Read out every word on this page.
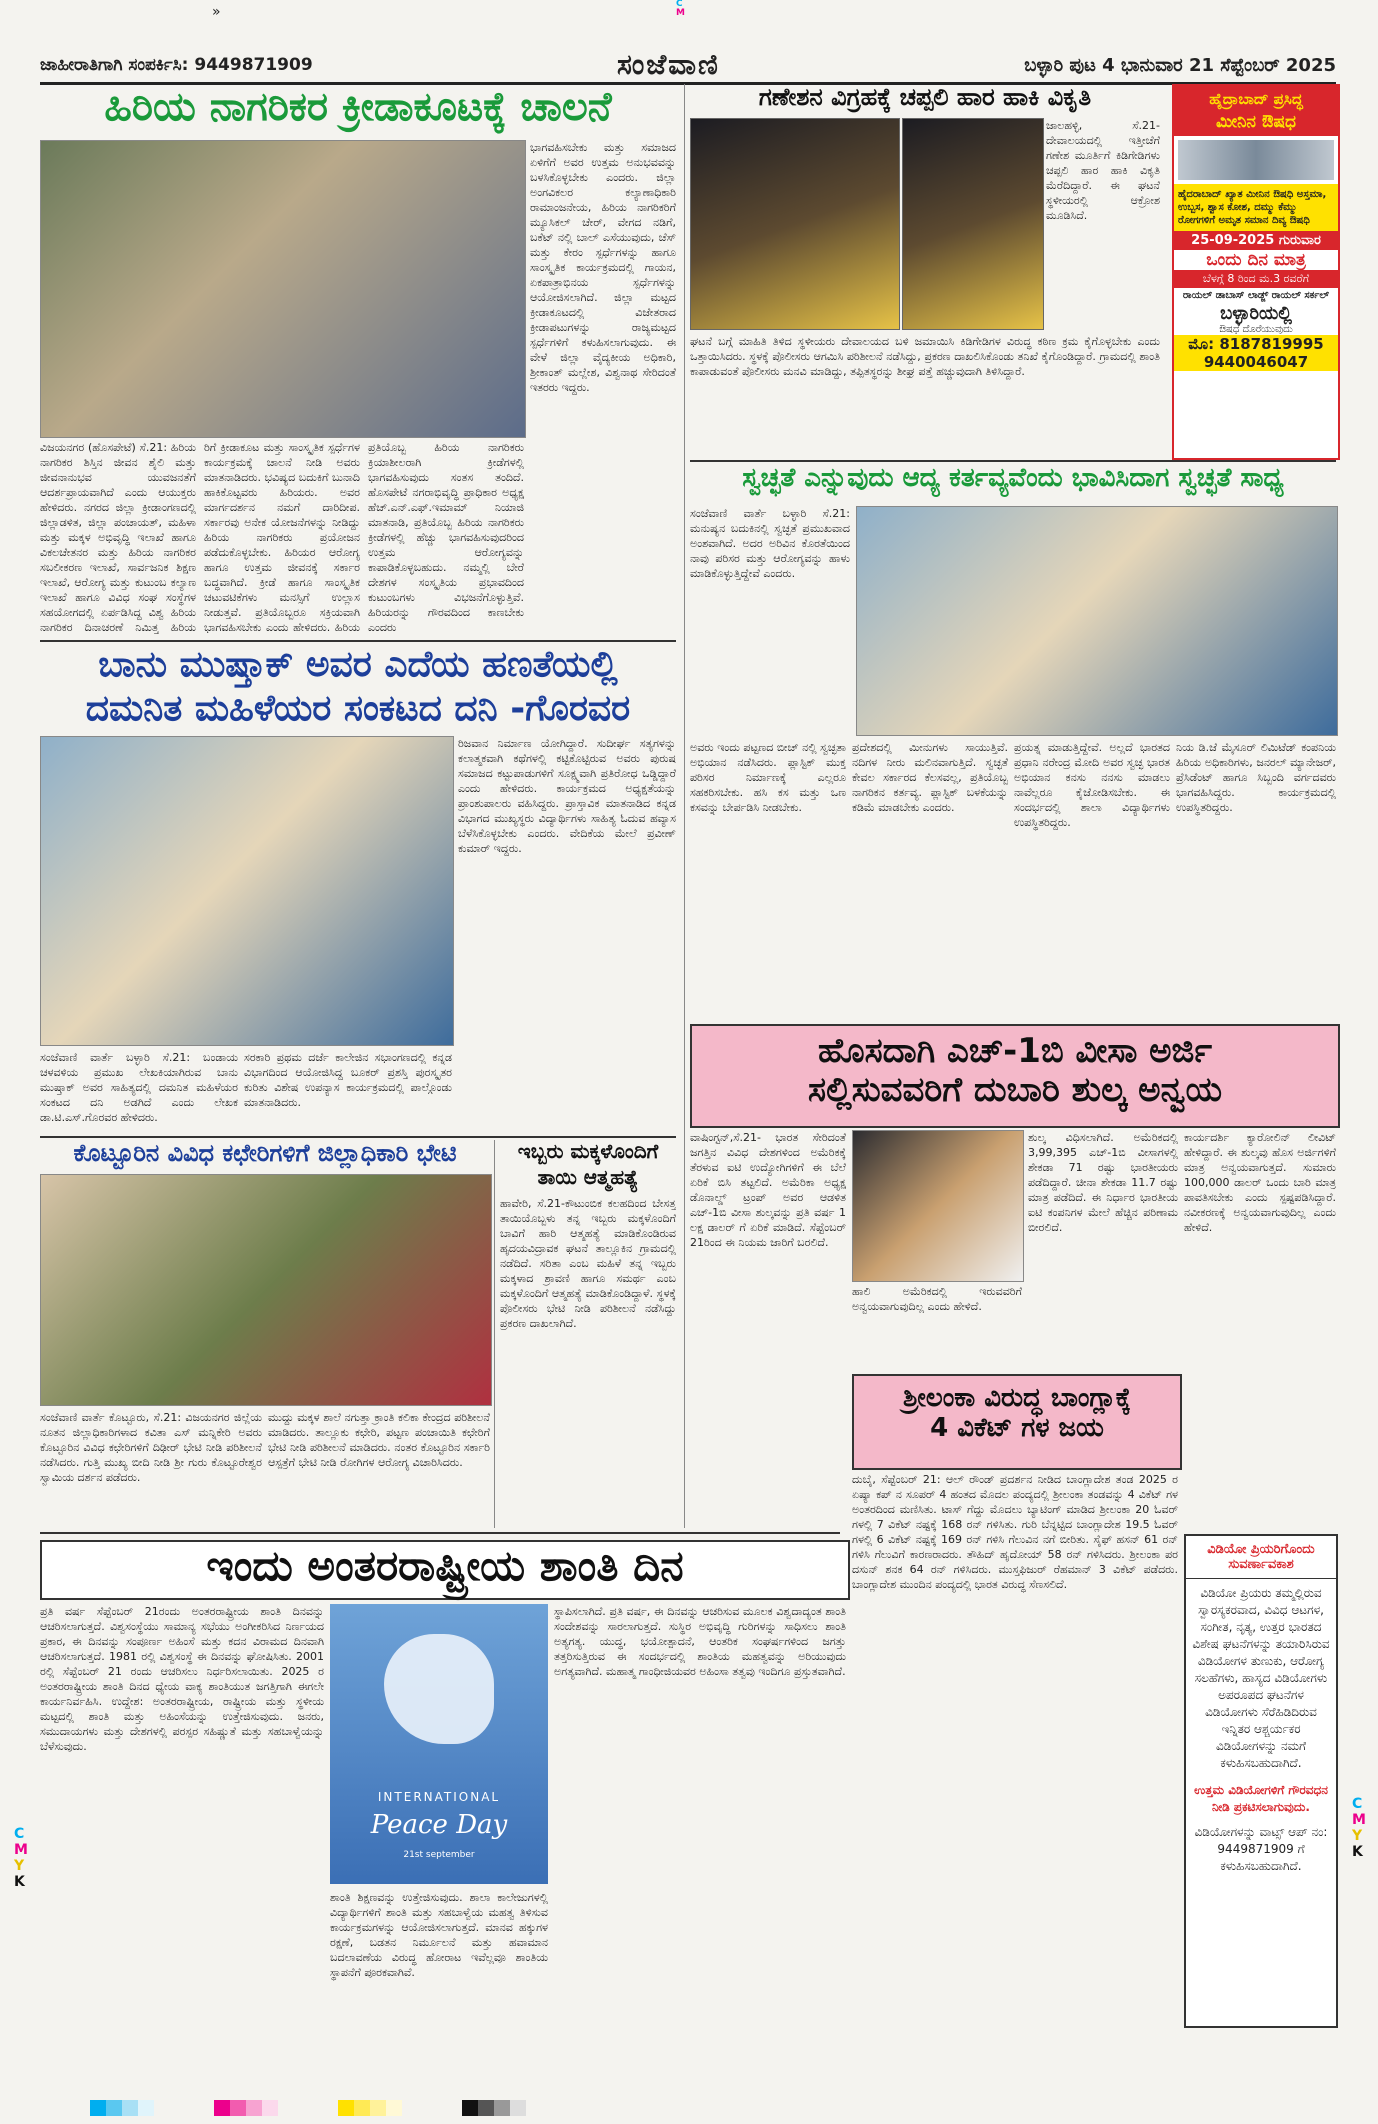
»	C
M
ಜಾಹೀರಾತಿಗಾಗಿ ಸಂಪರ್ಕಿಸಿ: 9449871909	ಸಂಜೆವಾಣಿ	ಬಳ್ಳಾರಿ ಪುಟ 4 ಭಾನುವಾರ 21 ಸೆಪ್ಟೆಂಬರ್ 2025
ಹಿರಿಯ ನಾಗರಿಕರ ಕ್ರೀಡಾಕೂಟಕ್ಕೆ ಚಾಲನೆ
ಭಾಗವಹಿಸಬೇಕು ಮತ್ತು ಸಮಾಜದ ಏಳಿಗೆಗೆ ಅವರ ಉತ್ತಮ ಅನುಭವವನ್ನು ಬಳಸಿಕೊಳ್ಳಬೇಕು ಎಂದರು. ಜಿಲ್ಲಾ ಅಂಗವಿಕಲರ ಕಲ್ಯಾಣಾಧಿಕಾರಿ ರಾಮಾಂಜನೇಯ, ಹಿರಿಯ ನಾಗರಿಕರಿಗೆ ಮ್ಯೂಸಿಕಲ್ ಚೇರ್, ವೇಗದ ನಡಿಗೆ, ಬಕೆಟ್ ನಲ್ಲಿ ಬಾಲ್ ಎಸೆಯುವುದು, ಚೆಸ್ ಮತ್ತು ಕೇರಂ ಸ್ಪರ್ಧೆಗಳನ್ನು ಹಾಗೂ ಸಾಂಸ್ಕೃತಿಕ ಕಾರ್ಯಕ್ರಮದಲ್ಲಿ ಗಾಯನ, ಏಕಪಾತ್ರಾಭಿನಯ ಸ್ಪರ್ಧೆಗಳನ್ನು ಆಯೋಜಿಸಲಾಗಿದೆ. ಜಿಲ್ಲಾ ಮಟ್ಟದ ಕ್ರೀಡಾಕೂಟದಲ್ಲಿ ವಿಜೇತರಾದ ಕ್ರೀಡಾಪಟುಗಳನ್ನು ರಾಜ್ಯಮಟ್ಟದ ಸ್ಪರ್ಧೆಗಳಿಗೆ ಕಳುಹಿಸಲಾಗುವುದು. ಈ ವೇಳೆ ಜಿಲ್ಲಾ ವೈದ್ಯಕೀಯ ಅಧಿಕಾರಿ, ಶ್ರೀಕಾಂತ್ ಮಲ್ಲೇಶ, ವಿಶ್ವನಾಥ ಸೇರಿದಂತೆ ಇತರರು ಇದ್ದರು.
ವಿಜಯನಗರ (ಹೊಸಪೇಟೆ) ಸೆ.21: ಹಿರಿಯ ನಾಗರಿಕರ ಶಿಸ್ತಿನ ಜೀವನ ಶೈಲಿ ಮತ್ತು ಜೀವನಾನುಭವ ಯುವಜನತೆಗೆ ಆದರ್ಶಪ್ರಾಯವಾಗಿದೆ ಎಂದು ಆಯುಕ್ತರು ಹೇಳಿದರು. ನಗರದ ಜಿಲ್ಲಾ ಕ್ರೀಡಾಂಗಣದಲ್ಲಿ ಜಿಲ್ಲಾಡಳಿತ, ಜಿಲ್ಲಾ ಪಂಚಾಯತ್, ಮಹಿಳಾ ಮತ್ತು ಮಕ್ಕಳ ಅಭಿವೃದ್ಧಿ ಇಲಾಖೆ ಹಾಗೂ ವಿಕಲಚೇತನರ ಮತ್ತು ಹಿರಿಯ ನಾಗರಿಕರ ಸಬಲೀಕರಣ ಇಲಾಖೆ, ಸಾರ್ವಜನಿಕ ಶಿಕ್ಷಣ ಇಲಾಖೆ, ಆರೋಗ್ಯ ಮತ್ತು ಕುಟುಂಬ ಕಲ್ಯಾಣ ಇಲಾಖೆ ಹಾಗೂ ವಿವಿಧ ಸಂಘ ಸಂಸ್ಥೆಗಳ ಸಹಯೋಗದಲ್ಲಿ ಏರ್ಪಡಿಸಿದ್ದ ವಿಶ್ವ ಹಿರಿಯ ನಾಗರಿಕರ ದಿನಾಚರಣೆ ನಿಮಿತ್ತ ಹಿರಿಯ
ರಿಗೆ ಕ್ರೀಡಾಕೂಟ ಮತ್ತು ಸಾಂಸ್ಕೃತಿಕ ಸ್ಪರ್ಧೆಗಳ ಕಾರ್ಯಕ್ರಮಕ್ಕೆ ಚಾಲನೆ ನೀಡಿ ಅವರು ಮಾತನಾಡಿದರು. ಭವಿಷ್ಯದ ಬದುಕಿಗೆ ಬುನಾದಿ ಹಾಕಿಕೊಟ್ಟವರು ಹಿರಿಯರು. ಅವರ ಮಾರ್ಗದರ್ಶನ ನಮಗೆ ದಾರಿದೀಪ. ಸರ್ಕಾರವು ಅನೇಕ ಯೋಜನೆಗಳನ್ನು ನೀಡಿದ್ದು ಹಿರಿಯ ನಾಗರಿಕರು ಪ್ರಯೋಜನ ಪಡೆದುಕೊಳ್ಳಬೇಕು. ಹಿರಿಯರ ಆರೋಗ್ಯ ಹಾಗೂ ಉತ್ತಮ ಜೀವನಕ್ಕೆ ಸರ್ಕಾರ ಬದ್ಧವಾಗಿದೆ. ಕ್ರೀಡೆ ಹಾಗೂ ಸಾಂಸ್ಕೃತಿಕ ಚಟುವಟಿಕೆಗಳು ಮನಸ್ಸಿಗೆ ಉಲ್ಲಾಸ ನೀಡುತ್ತವೆ. ಪ್ರತಿಯೊಬ್ಬರೂ ಸಕ್ರಿಯವಾಗಿ ಭಾಗವಹಿಸಬೇಕು ಎಂದು ಹೇಳಿದರು. ಹಿರಿಯ
ಪ್ರತಿಯೊಬ್ಬ ಹಿರಿಯ ನಾಗರಿಕರು ಕ್ರಿಯಾಶೀಲರಾಗಿ ಕ್ರೀಡೆಗಳಲ್ಲಿ ಭಾಗವಹಿಸುವುದು ಸಂತಸ ತಂದಿದೆ. ಹೊಸಪೇಟೆ ನಗರಾಭಿವೃದ್ಧಿ ಪ್ರಾಧಿಕಾರ ಅಧ್ಯಕ್ಷ ಹೆಚ್.ಎನ್.ಎಫ್.ಇಮಾಮ್ ನಿಯಾಜಿ ಮಾತನಾಡಿ, ಪ್ರತಿಯೊಬ್ಬ ಹಿರಿಯ ನಾಗರಿಕರು ಕ್ರೀಡೆಗಳಲ್ಲಿ ಹೆಚ್ಚು ಭಾಗವಹಿಸುವುದರಿಂದ ಉತ್ತಮ ಆರೋಗ್ಯವನ್ನು ಕಾಪಾಡಿಕೊಳ್ಳಬಹುದು. ನಮ್ಮಲ್ಲಿ ಬೇರೆ ದೇಶಗಳ ಸಂಸ್ಕೃತಿಯ ಪ್ರಭಾವದಿಂದ ಕುಟುಂಬಗಳು ವಿಭಜನೆಗೊಳ್ಳುತ್ತಿವೆ. ಹಿರಿಯರನ್ನು ಗೌರವದಿಂದ ಕಾಣಬೇಕು ಎಂದರು
ಬಾನು ಮುಷ್ತಾಕ್ ಅವರ ಎದೆಯ ಹಣತೆಯಲ್ಲಿ
ದಮನಿತ ಮಹಿಳೆಯರ ಸಂಕಟದ ದನಿ -ಗೊರವರ
ರಿಜವಾನ ನಿರ್ಮಾಣ ಯೋಗಿದ್ದಾರೆ. ಸುದೀರ್ಘ ಸತ್ಯಗಳನ್ನು ಕಲಾತ್ಮಕವಾಗಿ ಕಥೆಗಳಲ್ಲಿ ಕಟ್ಟಿಕೊಟ್ಟಿರುವ ಅವರು ಪುರುಷ ಸಮಾಜದ ಕಟ್ಟುಪಾಡುಗಳಿಗೆ ಸೂಕ್ಷ್ಮವಾಗಿ ಪ್ರತಿರೋಧ ಒಡ್ಡಿದ್ದಾರೆ ಎಂದು ಹೇಳಿದರು. ಕಾರ್ಯಕ್ರಮದ ಅಧ್ಯಕ್ಷತೆಯನ್ನು ಪ್ರಾಂಶುಪಾಲರು ವಹಿಸಿದ್ದರು. ಪ್ರಾಸ್ತಾವಿಕ ಮಾತನಾಡಿದ ಕನ್ನಡ ವಿಭಾಗದ ಮುಖ್ಯಸ್ಥರು ವಿದ್ಯಾರ್ಥಿಗಳು ಸಾಹಿತ್ಯ ಓದುವ ಹವ್ಯಾಸ ಬೆಳೆಸಿಕೊಳ್ಳಬೇಕು ಎಂದರು. ವೇದಿಕೆಯ ಮೇಲೆ ಪ್ರವೀಣ್ ಕುಮಾರ್ ಇದ್ದರು.
ಸಂಜೆವಾಣಿ ವಾರ್ತೆ ಬಳ್ಳಾರಿ ಸೆ.21: ಬಂಡಾಯ ಚಳವಳಿಯ ಪ್ರಮುಖ ಲೇಖಕಿಯಾಗಿರುವ ಬಾನು ಮುಷ್ತಾಕ್ ಅವರ ಸಾಹಿತ್ಯದಲ್ಲಿ ದಮನಿತ ಮಹಿಳೆಯರ ಸಂಕಟದ ದನಿ ಅಡಗಿದೆ ಎಂದು ಲೇಖಕ ಡಾ.ಟಿ.ಎಸ್.ಗೊರವರ ಹೇಳಿದರು.
ಸರಕಾರಿ ಪ್ರಥಮ ದರ್ಜೆ ಕಾಲೇಜಿನ ಸಭಾಂಗಣದಲ್ಲಿ ಕನ್ನಡ ವಿಭಾಗದಿಂದ ಆಯೋಜಿಸಿದ್ದ ಬೂಕರ್ ಪ್ರಶಸ್ತಿ ಪುರಸ್ಕೃತರ ಕುರಿತು ವಿಶೇಷ ಉಪನ್ಯಾಸ ಕಾರ್ಯಕ್ರಮದಲ್ಲಿ ಪಾಲ್ಗೊಂಡು ಮಾತನಾಡಿದರು.
ಕೊಟ್ಟೂರಿನ ವಿವಿಧ ಕಛೇರಿಗಳಿಗೆ ಜಿಲ್ಲಾಧಿಕಾರಿ ಭೇಟಿ
ಸಂಜೆವಾಣಿ ವಾರ್ತೆ ಕೊಟ್ಟೂರು, ಸೆ.21: ವಿಜಯನಗರ ಜಿಲ್ಲೆಯ ನೂತನ ಜಿಲ್ಲಾಧಿಕಾರಿಗಳಾದ ಕವಿತಾ ಎಸ್ ಮನ್ನಿಕೇರಿ ಅವರು ಕೊಟ್ಟೂರಿನ ವಿವಿಧ ಕಛೇರಿಗಳಿಗೆ ದಿಢೀರ್ ಭೇಟಿ ನೀಡಿ ಪರಿಶೀಲನೆ ನಡೆಸಿದರು. ಗುತ್ತಿ ಮುಖ್ಯ ಬೀದಿ ನೀಡಿ ಶ್ರೀ ಗುರು ಕೊಟ್ಟೂರೇಶ್ವರ ಸ್ವಾಮಿಯ ದರ್ಶನ ಪಡೆದರು.
ಮುದ್ದು ಮಕ್ಕಳ ಶಾಲೆ ನಗುತ್ತಾ ಕ್ರಾಂತಿ ಕಲಿಕಾ ಕೇಂದ್ರದ ಪರಿಶೀಲನೆ ಮಾಡಿದರು. ತಾಲ್ಲೂಕು ಕಛೇರಿ, ಪಟ್ಟಣ ಪಂಚಾಯಿತಿ ಕಛೇರಿಗೆ ಭೇಟಿ ನೀಡಿ ಪರಿಶೀಲನೆ ಮಾಡಿದರು. ನಂತರ ಕೊಟ್ಟೂರಿನ ಸರ್ಕಾರಿ ಆಸ್ಪತ್ರೆಗೆ ಭೇಟಿ ನೀಡಿ ರೋಗಿಗಳ ಆರೋಗ್ಯ ವಿಚಾರಿಸಿದರು.
ಇಬ್ಬರು ಮಕ್ಕಳೊಂದಿಗೆ
ತಾಯಿ ಆತ್ಮಹತ್ಯೆ
ಹಾವೇರಿ, ಸೆ.21-ಕೌಟುಂಬಿಕ ಕಲಹದಿಂದ ಬೇಸತ್ತ ತಾಯಿಯೊಬ್ಬಳು ತನ್ನ ಇಬ್ಬರು ಮಕ್ಕಳೊಂದಿಗೆ ಬಾವಿಗೆ ಹಾರಿ ಆತ್ಮಹತ್ಯೆ ಮಾಡಿಕೊಂಡಿರುವ ಹೃದಯವಿದ್ರಾವಕ ಘಟನೆ ತಾಲ್ಲೂಕಿನ ಗ್ರಾಮದಲ್ಲಿ ನಡೆದಿದೆ. ಸರಿತಾ ಎಂಬ ಮಹಿಳೆ ತನ್ನ ಇಬ್ಬರು ಮಕ್ಕಳಾದ ಶ್ರಾವಣಿ ಹಾಗೂ ಸಮರ್ಥ ಎಂಬ ಮಕ್ಕಳೊಂದಿಗೆ ಆತ್ಮಹತ್ಯೆ ಮಾಡಿಕೊಂಡಿದ್ದಾಳೆ. ಸ್ಥಳಕ್ಕೆ ಪೊಲೀಸರು ಭೇಟಿ ನೀಡಿ ಪರಿಶೀಲನೆ ನಡೆಸಿದ್ದು ಪ್ರಕರಣ ದಾಖಲಾಗಿದೆ.
ಗಣೇಶನ ವಿಗ್ರಹಕ್ಕೆ ಚಪ್ಪಲಿ ಹಾರ ಹಾಕಿ ವಿಕೃತಿ
ಜಾಲಹಳ್ಳಿ, ಸೆ.21- ದೇವಾಲಯದಲ್ಲಿ ಇತ್ತೀಚೆಗೆ ಗಣೇಶ ಮೂರ್ತಿಗೆ ಕಿಡಿಗೇಡಿಗಳು ಚಪ್ಪಲಿ ಹಾರ ಹಾಕಿ ವಿಕೃತಿ ಮೆರೆದಿದ್ದಾರೆ. ಈ ಘಟನೆ ಸ್ಥಳೀಯರಲ್ಲಿ ಆಕ್ರೋಶ ಮೂಡಿಸಿದೆ.
ಘಟನೆ ಬಗ್ಗೆ ಮಾಹಿತಿ ತಿಳಿದ ಸ್ಥಳೀಯರು ದೇವಾಲಯದ ಬಳಿ ಜಮಾಯಿಸಿ ಕಿಡಿಗೇಡಿಗಳ ವಿರುದ್ಧ ಕಠಿಣ ಕ್ರಮ ಕೈಗೊಳ್ಳಬೇಕು ಎಂದು ಒತ್ತಾಯಿಸಿದರು. ಸ್ಥಳಕ್ಕೆ ಪೊಲೀಸರು ಆಗಮಿಸಿ ಪರಿಶೀಲನೆ ನಡೆಸಿದ್ದು, ಪ್ರಕರಣ ದಾಖಲಿಸಿಕೊಂಡು ತನಿಖೆ ಕೈಗೊಂಡಿದ್ದಾರೆ. ಗ್ರಾಮದಲ್ಲಿ ಶಾಂತಿ ಕಾಪಾಡುವಂತೆ ಪೊಲೀಸರು ಮನವಿ ಮಾಡಿದ್ದು, ತಪ್ಪಿತಸ್ಥರನ್ನು ಶೀಘ್ರ ಪತ್ತೆ ಹಚ್ಚುವುದಾಗಿ ತಿಳಿಸಿದ್ದಾರೆ.
ಹೈದ್ರಾಬಾದ್ ಪ್ರಸಿದ್ಧ
ಮೀನಿನ ಔಷಧ
ಹೈದರಾಬಾದ್ ಖ್ಯಾತ ಮೀನಿನ ಔಷಧಿ ಅಸ್ತಮಾ, ಉಬ್ಬಸ, ಶ್ವಾಸ ಕೋಶ, ದಮ್ಮು ಕೆಮ್ಮು ರೋಗಗಳಿಗೆ ಅಮೃತ ಸಮಾನ ದಿವ್ಯ ಔಷಧಿ
25-09-2025 ಗುರುವಾರ
ಒಂದು ದಿನ ಮಾತ್ರ
ಬೆಳಗ್ಗೆ 8 ರಿಂದ ಮ.3 ರವರೆಗೆ
ರಾಯಲ್ ಡಾಬಾಸ್ ಲಾಡ್ಜ್ ರಾಯಲ್ ಸರ್ಕಲ್
ಬಳ್ಳಾರಿಯಲ್ಲಿ
ಔಷಧ ದೊರೆಯುವುದು
ಮೊ: 8187819995
9440046047
ಸ್ವಚ್ಛತೆ ಎನ್ನುವುದು ಆದ್ಯ ಕರ್ತವ್ಯವೆಂದು ಭಾವಿಸಿದಾಗ ಸ್ವಚ್ಛತೆ ಸಾಧ್ಯ
ಸಂಜೆವಾಣಿ ವಾರ್ತೆ ಬಳ್ಳಾರಿ ಸೆ.21: ಮನುಷ್ಯನ ಬದುಕಿನಲ್ಲಿ ಸ್ವಚ್ಛತೆ ಪ್ರಮುಖವಾದ ಅಂಶವಾಗಿದೆ. ಅದರ ಅರಿವಿನ ಕೊರತೆಯಿಂದ ನಾವು ಪರಿಸರ ಮತ್ತು ಆರೋಗ್ಯವನ್ನು ಹಾಳು ಮಾಡಿಕೊಳ್ಳುತ್ತಿದ್ದೇವೆ ಎಂದರು.
ಅವರು ಇಂದು ಪಟ್ಟಣದ ಬೀಚ್ ನಲ್ಲಿ ಸ್ವಚ್ಛತಾ ಅಭಿಯಾನ ನಡೆಸಿದರು. ಪ್ಲಾಸ್ಟಿಕ್ ಮುಕ್ತ ಪರಿಸರ ನಿರ್ಮಾಣಕ್ಕೆ ಎಲ್ಲರೂ ಸಹಕರಿಸಬೇಕು. ಹಸಿ ಕಸ ಮತ್ತು ಒಣ ಕಸವನ್ನು ಬೇರ್ಪಡಿಸಿ ನೀಡಬೇಕು.
ಪ್ರದೇಶದಲ್ಲಿ ಮೀನುಗಳು ಸಾಯುತ್ತಿವೆ. ನದಿಗಳ ನೀರು ಮಲಿನವಾಗುತ್ತಿದೆ. ಸ್ವಚ್ಛತೆ ಕೇವಲ ಸರ್ಕಾರದ ಕೆಲಸವಲ್ಲ, ಪ್ರತಿಯೊಬ್ಬ ನಾಗರಿಕನ ಕರ್ತವ್ಯ. ಪ್ಲಾಸ್ಟಿಕ್ ಬಳಕೆಯನ್ನು ಕಡಿಮೆ ಮಾಡಬೇಕು ಎಂದರು.
ಪ್ರಯತ್ನ ಮಾಡುತ್ತಿದ್ದೇವೆ. ಅಲ್ಲದೆ ಭಾರತದ ಪ್ರಧಾನಿ ನರೇಂದ್ರ ಮೋದಿ ಅವರ ಸ್ವಚ್ಛ ಭಾರತ ಅಭಿಯಾನ ಕನಸು ನನಸು ಮಾಡಲು ನಾವೆಲ್ಲರೂ ಕೈಜೋಡಿಸಬೇಕು. ಈ ಸಂದರ್ಭದಲ್ಲಿ ಶಾಲಾ ವಿದ್ಯಾರ್ಥಿಗಳು ಉಪಸ್ಥಿತರಿದ್ದರು.
ನಿಯ ಡಿ.ಜೆ ಮೈಸೂರ್ ಲಿಮಿಟೆಡ್ ಕಂಪನಿಯ ಹಿರಿಯ ಅಧಿಕಾರಿಗಳು, ಜನರಲ್ ಮ್ಯಾನೇಜರ್, ಪ್ರೆಸಿಡೆಂಟ್ ಹಾಗೂ ಸಿಬ್ಬಂದಿ ವರ್ಗದವರು ಭಾಗವಹಿಸಿದ್ದರು. ಕಾರ್ಯಕ್ರಮದಲ್ಲಿ ಉಪಸ್ಥಿತರಿದ್ದರು.
ಹೊಸದಾಗಿ ಎಚ್-1ಬಿ ವೀಸಾ ಅರ್ಜಿ
ಸಲ್ಲಿಸುವವರಿಗೆ ದುಬಾರಿ ಶುಲ್ಕ ಅನ್ವಯ
ವಾಷಿಂಗ್ಟನ್,ಸೆ.21- ಭಾರತ ಸೇರಿದಂತೆ ಜಗತ್ತಿನ ವಿವಿಧ ದೇಶಗಳಿಂದ ಅಮೆರಿಕಕ್ಕೆ ತೆರಳುವ ಐಟಿ ಉದ್ಯೋಗಿಗಳಿಗೆ ಈ ಬೆಲೆ ಏರಿಕೆ ಬಿಸಿ ತಟ್ಟಲಿದೆ. ಅಮೆರಿಕಾ ಅಧ್ಯಕ್ಷ ಡೊನಾಲ್ಡ್ ಟ್ರಂಪ್ ಅವರ ಆಡಳಿತ ಎಚ್-1ಬಿ ವೀಸಾ ಶುಲ್ಕವನ್ನು ಪ್ರತಿ ವರ್ಷ 1 ಲಕ್ಷ ಡಾಲರ್ ಗೆ ಏರಿಕೆ ಮಾಡಿದೆ. ಸೆಪ್ಟೆಂಬರ್ 21ರಿಂದ ಈ ನಿಯಮ ಜಾರಿಗೆ ಬರಲಿದೆ.
ಹಾಲಿ ಅಮೆರಿಕದಲ್ಲಿ ಇರುವವರಿಗೆ ಅನ್ವಯವಾಗುವುದಿಲ್ಲ ಎಂದು ಹೇಳಿದೆ.
ಶುಲ್ಕ ವಿಧಿಸಲಾಗಿದೆ. ಅಮೆರಿಕದಲ್ಲಿ 3,99,395 ಎಚ್-1ಬಿ ವೀಸಾಗಳಲ್ಲಿ ಶೇಕಡಾ 71 ರಷ್ಟು ಭಾರತೀಯರು ಪಡೆದಿದ್ದಾರೆ. ಚೀನಾ ಶೇಕಡಾ 11.7 ರಷ್ಟು ಮಾತ್ರ ಪಡೆದಿದೆ. ಈ ನಿರ್ಧಾರ ಭಾರತೀಯ ಐಟಿ ಕಂಪನಿಗಳ ಮೇಲೆ ಹೆಚ್ಚಿನ ಪರಿಣಾಮ ಬೀರಲಿದೆ.
ಕಾರ್ಯದರ್ಶಿ ಕ್ಯಾರೋಲಿನ್ ಲೀವಿಟ್ ಹೇಳಿದ್ದಾರೆ. ಈ ಶುಲ್ಕವು ಹೊಸ ಅರ್ಜಿಗಳಿಗೆ ಮಾತ್ರ ಅನ್ವಯವಾಗುತ್ತದೆ. ಸುಮಾರು 100,000 ಡಾಲರ್ ಒಂದು ಬಾರಿ ಮಾತ್ರ ಪಾವತಿಸಬೇಕು ಎಂದು ಸ್ಪಷ್ಟಪಡಿಸಿದ್ದಾರೆ. ನವೀಕರಣಕ್ಕೆ ಅನ್ವಯವಾಗುವುದಿಲ್ಲ ಎಂದು ಹೇಳಿದೆ.
ಶ್ರೀಲಂಕಾ ವಿರುದ್ಧ ಬಾಂಗ್ಲಾಕ್ಕೆ
4 ವಿಕೆಟ್ ಗಳ ಜಯ
ದುಬೈ, ಸೆಪ್ಟೆಂಬರ್ 21: ಆಲ್ ರೌಂಡ್ ಪ್ರದರ್ಶನ ನೀಡಿದ ಬಾಂಗ್ಲಾದೇಶ ತಂಡ 2025 ರ ಏಷ್ಯಾ ಕಪ್ ನ ಸೂಪರ್ 4 ಹಂತದ ಮೊದಲ ಪಂದ್ಯದಲ್ಲಿ ಶ್ರೀಲಂಕಾ ತಂಡವನ್ನು 4 ವಿಕೆಟ್ ಗಳ ಅಂತರದಿಂದ ಮಣಿಸಿತು. ಟಾಸ್ ಗೆದ್ದು ಮೊದಲು ಬ್ಯಾಟಿಂಗ್ ಮಾಡಿದ ಶ್ರೀಲಂಕಾ 20 ಓವರ್ ಗಳಲ್ಲಿ 7 ವಿಕೆಟ್ ನಷ್ಟಕ್ಕೆ 168 ರನ್ ಗಳಿಸಿತು. ಗುರಿ ಬೆನ್ನಟ್ಟಿದ ಬಾಂಗ್ಲಾದೇಶ 19.5 ಓವರ್ ಗಳಲ್ಲಿ 6 ವಿಕೆಟ್ ನಷ್ಟಕ್ಕೆ 169 ರನ್ ಗಳಿಸಿ ಗೆಲುವಿನ ನಗೆ ಬೀರಿತು. ಸೈಫ್ ಹಸನ್ 61 ರನ್ ಗಳಿಸಿ ಗೆಲುವಿಗೆ ಕಾರಣರಾದರು. ತೌಹಿದ್ ಹೃದೋಯ್ 58 ರನ್ ಗಳಿಸಿದರು. ಶ್ರೀಲಂಕಾ ಪರ ದಸುನ್ ಶನಕ 64 ರನ್ ಗಳಿಸಿದರು. ಮುಸ್ತಫಿಜುರ್ ರೆಹಮಾನ್ 3 ವಿಕೆಟ್ ಪಡೆದರು. ಬಾಂಗ್ಲಾದೇಶ ಮುಂದಿನ ಪಂದ್ಯದಲ್ಲಿ ಭಾರತ ವಿರುದ್ಧ ಸೆಣಸಲಿದೆ.
ಇಂದು ಅಂತರರಾಷ್ಟ್ರೀಯ ಶಾಂತಿ ದಿನ
ಪ್ರತಿ ವರ್ಷ ಸೆಪ್ಟೆಂಬರ್ 21ರಂದು ಅಂತರರಾಷ್ಟ್ರೀಯ ಶಾಂತಿ ದಿನವನ್ನು ಆಚರಿಸಲಾಗುತ್ತದೆ. ವಿಶ್ವಸಂಸ್ಥೆಯು ಸಾಮಾನ್ಯ ಸಭೆಯು ಅಂಗೀಕರಿಸಿದ ನಿರ್ಣಯದ ಪ್ರಕಾರ, ಈ ದಿನವನ್ನು ಸಂಪೂರ್ಣ ಅಹಿಂಸೆ ಮತ್ತು ಕದನ ವಿರಾಮದ ದಿನವಾಗಿ ಆಚರಿಸಲಾಗುತ್ತದೆ. 1981 ರಲ್ಲಿ ವಿಶ್ವಸಂಸ್ಥೆ ಈ ದಿನವನ್ನು ಘೋಷಿಸಿತು. 2001 ರಲ್ಲಿ ಸೆಪ್ಟೆಂಬರ್ 21 ರಂದು ಆಚರಿಸಲು ನಿರ್ಧರಿಸಲಾಯಿತು. 2025 ರ ಅಂತರರಾಷ್ಟ್ರೀಯ ಶಾಂತಿ ದಿನದ ಧ್ಯೇಯ ವಾಕ್ಯ ಶಾಂತಿಯುತ ಜಗತ್ತಿಗಾಗಿ ಈಗಲೇ ಕಾರ್ಯನಿರ್ವಹಿಸಿ. ಉದ್ದೇಶ: ಅಂತರರಾಷ್ಟ್ರೀಯ, ರಾಷ್ಟ್ರೀಯ ಮತ್ತು ಸ್ಥಳೀಯ ಮಟ್ಟದಲ್ಲಿ ಶಾಂತಿ ಮತ್ತು ಅಹಿಂಸೆಯನ್ನು ಉತ್ತೇಜಿಸುವುದು. ಜನರು, ಸಮುದಾಯಗಳು ಮತ್ತು ದೇಶಗಳಲ್ಲಿ ಪರಸ್ಪರ ಸಹಿಷ್ಣುತೆ ಮತ್ತು ಸಹಬಾಳ್ವೆಯನ್ನು ಬೆಳೆಸುವುದು.
INTERNATIONAL
Peace Day
21st september
ಶಾಂತಿ ಶಿಕ್ಷಣವನ್ನು ಉತ್ತೇಜಿಸುವುದು. ಶಾಲಾ ಕಾಲೇಜುಗಳಲ್ಲಿ ವಿದ್ಯಾರ್ಥಿಗಳಿಗೆ ಶಾಂತಿ ಮತ್ತು ಸಹಬಾಳ್ವೆಯ ಮಹತ್ವ ತಿಳಿಸುವ ಕಾರ್ಯಕ್ರಮಗಳನ್ನು ಆಯೋಜಿಸಲಾಗುತ್ತದೆ. ಮಾನವ ಹಕ್ಕುಗಳ ರಕ್ಷಣೆ, ಬಡತನ ನಿರ್ಮೂಲನೆ ಮತ್ತು ಹವಾಮಾನ ಬದಲಾವಣೆಯ ವಿರುದ್ಧ ಹೋರಾಟ ಇವೆಲ್ಲವೂ ಶಾಂತಿಯ ಸ್ಥಾಪನೆಗೆ ಪೂರಕವಾಗಿವೆ.
ಸ್ಥಾಪಿಸಲಾಗಿದೆ. ಪ್ರತಿ ವರ್ಷ, ಈ ದಿನವನ್ನು ಆಚರಿಸುವ ಮೂಲಕ ವಿಶ್ವದಾದ್ಯಂತ ಶಾಂತಿ ಸಂದೇಶವನ್ನು ಸಾರಲಾಗುತ್ತದೆ. ಸುಸ್ಥಿರ ಅಭಿವೃದ್ಧಿ ಗುರಿಗಳನ್ನು ಸಾಧಿಸಲು ಶಾಂತಿ ಅತ್ಯಗತ್ಯ. ಯುದ್ಧ, ಭಯೋತ್ಪಾದನೆ, ಆಂತರಿಕ ಸಂಘರ್ಷಗಳಿಂದ ಜಗತ್ತು ತತ್ತರಿಸುತ್ತಿರುವ ಈ ಸಂದರ್ಭದಲ್ಲಿ ಶಾಂತಿಯ ಮಹತ್ವವನ್ನು ಅರಿಯುವುದು ಅಗತ್ಯವಾಗಿದೆ. ಮಹಾತ್ಮ ಗಾಂಧೀಜಿಯವರ ಅಹಿಂಸಾ ತತ್ವವು ಇಂದಿಗೂ ಪ್ರಸ್ತುತವಾಗಿದೆ.
ವಿಡಿಯೋ ಪ್ರಿಯರಿಗೊಂದು ಸುವರ್ಣಾವಕಾಶ
ವಿಡಿಯೋ ಪ್ರಿಯರು ತಮ್ಮಲ್ಲಿರುವ ಸ್ವಾರಸ್ಯಕರವಾದ, ವಿವಿಧ ಆಟಗಳ, ಸಂಗೀತ, ನೃತ್ಯ, ಉತ್ತರ ಭಾರತದ ವಿಶೇಷ ಘಟನೆಗಳನ್ನು ತಯಾರಿಸಿರುವ ವಿಡಿಯೋಗಳ ತುಣುಕು, ಆರೋಗ್ಯ ಸಲಹೆಗಳು, ಹಾಸ್ಯದ ವಿಡಿಯೋಗಳು ಅಪರೂಪದ ಘಟನೆಗಳ ವಿಡಿಯೋಗಳು ಸೆರೆಹಿಡಿದಿರುವ ಇನ್ನಿತರ ಆಶ್ಚರ್ಯಕರ ವಿಡಿಯೋಗಳನ್ನು ನಮಗೆ ಕಳುಹಿಸಬಹುದಾಗಿದೆ.
ಉತ್ತಮ ವಿಡಿಯೋಗಳಿಗೆ ಗೌರವಧನ ನೀಡಿ ಪ್ರಕಟಿಸಲಾಗುವುದು.
ವಿಡಿಯೋಗಳನ್ನು ವಾಟ್ಸ್ ಆಪ್ ನಂ: 9449871909 ಗೆ ಕಳುಹಿಸಬಹುದಾಗಿದೆ.
C
M
Y
K
C
M
Y
K
